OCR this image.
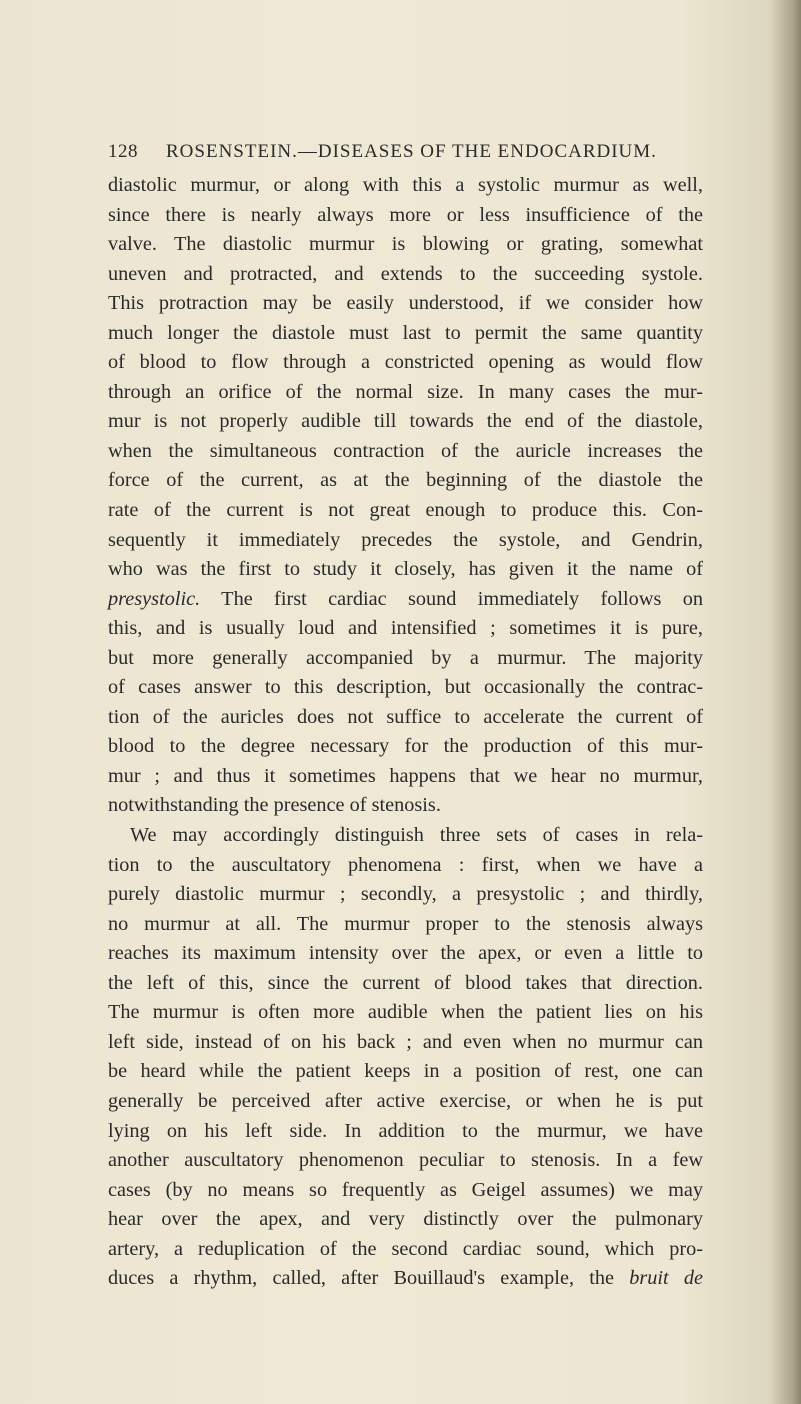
128 ROSENSTEIN.—DISEASES OF THE ENDOCARDIUM.
diastolic murmur, or along with this a systolic murmur as well,
since there is nearly always more or less insufficience of the
valve. The diastolic murmur is blowing or grating, somewhat
uneven and protracted, and extends to the succeeding systole.
This protraction may be easily understood, if we consider how
much longer the diastole must last to permit the same quantity
of blood to flow through a constricted opening as would flow
through an orifice of the normal size. In many cases the mur-
mur is not properly audible till towards the end of the diastole,
when the simultaneous contraction of the auricle increases the
force of the current, as at the beginning of the diastole the
rate of the current is not great enough to produce this. Con-
sequently it immediately precedes the systole, and Gendrin,
who was the first to study it closely, has given it the name of
presystolic. The first cardiac sound immediately follows on
this, and is usually loud and intensified ; sometimes it is pure,
but more generally accompanied by a murmur. The majority
of cases answer to this description, but occasionally the contrac-
tion of the auricles does not suffice to accelerate the current of
blood to the degree necessary for the production of this mur-
mur ; and thus it sometimes happens that we hear no murmur,
notwithstanding the presence of stenosis.
We may accordingly distinguish three sets of cases in rela-
tion to the auscultatory phenomena : first, when we have a
purely diastolic murmur ; secondly, a presystolic ; and thirdly,
no murmur at all. The murmur proper to the stenosis always
reaches its maximum intensity over the apex, or even a little to
the left of this, since the current of blood takes that direction.
The murmur is often more audible when the patient lies on his
left side, instead of on his back ; and even when no murmur can
be heard while the patient keeps in a position of rest, one can
generally be perceived after active exercise, or when he is put
lying on his left side. In addition to the murmur, we have
another auscultatory phenomenon peculiar to stenosis. In a few
cases (by no means so frequently as Geigel assumes) we may
hear over the apex, and very distinctly over the pulmonary
artery, a reduplication of the second cardiac sound, which pro-
duces a rhythm, called, after Bouillaud's example, the bruit de
